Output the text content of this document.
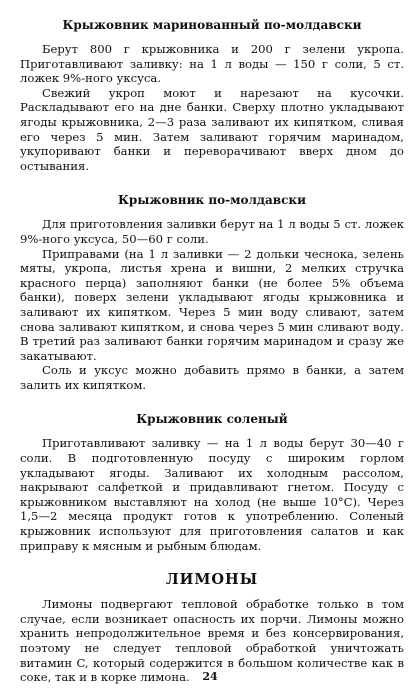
Крыжовник маринованный по-молдавски

Берут 800 г крыжовника и 200 г зелени укропа. Приготавливают заливку: на 1 л воды — 150 г соли, 5 ст. ложек 9%-ного уксуса.

Свежий укроп моют и нарезают на кусочки. Раскладывают его на дне банки. Сверху плотно укладывают ягоды крыжовника, 2—3 раза заливают их кипятком, сливая его через 5 мин. Затем заливают горячим маринадом, укупоривают банки и переворачивают вверх дном до остывания.

Крыжовник по-молдавски

Для приготовления заливки берут на 1 л воды 5 ст. ложек 9%-ного уксуса, 50—60 г соли.

Приправами (на 1 л заливки — 2 дольки чеснока, зелень мяты, укропа, листья хрена и вишни, 2 мелких стручка красного перца) заполняют банки (не более 5% объема банки), поверх зелени укладывают ягоды крыжовника и заливают их кипятком. Через 5 мин воду сливают, затем снова заливают кипятком, и снова через 5 мин сливают воду. В третий раз заливают банки горячим маринадом и сразу же закатывают.

Соль и уксус можно добавить прямо в банки, а затем залить их кипятком.

Крыжовник соленый

Приготавливают заливку — на 1 л воды берут 30—40 г соли. В подготовленную посуду с широким горлом укладывают ягоды. Заливают их холодным рассолом, накрывают салфеткой и придавливают гнетом. Посуду с крыжовником выставляют на холод (не выше 10°C). Через 1,5—2 месяца продукт готов к употреблению. Соленый крыжовник используют для приготовления салатов и как приправу к мясным и рыбным блюдам.

ЛИМОНЫ

Лимоны подвергают тепловой обработке только в том случае, если возникает опасность их порчи. Лимоны можно хранить непродолжительное время и без консервирования, поэтому не следует тепловой обработкой уничтожать витамин C, который содержится в большом количестве как в соке, так и в корке лимона.	24
